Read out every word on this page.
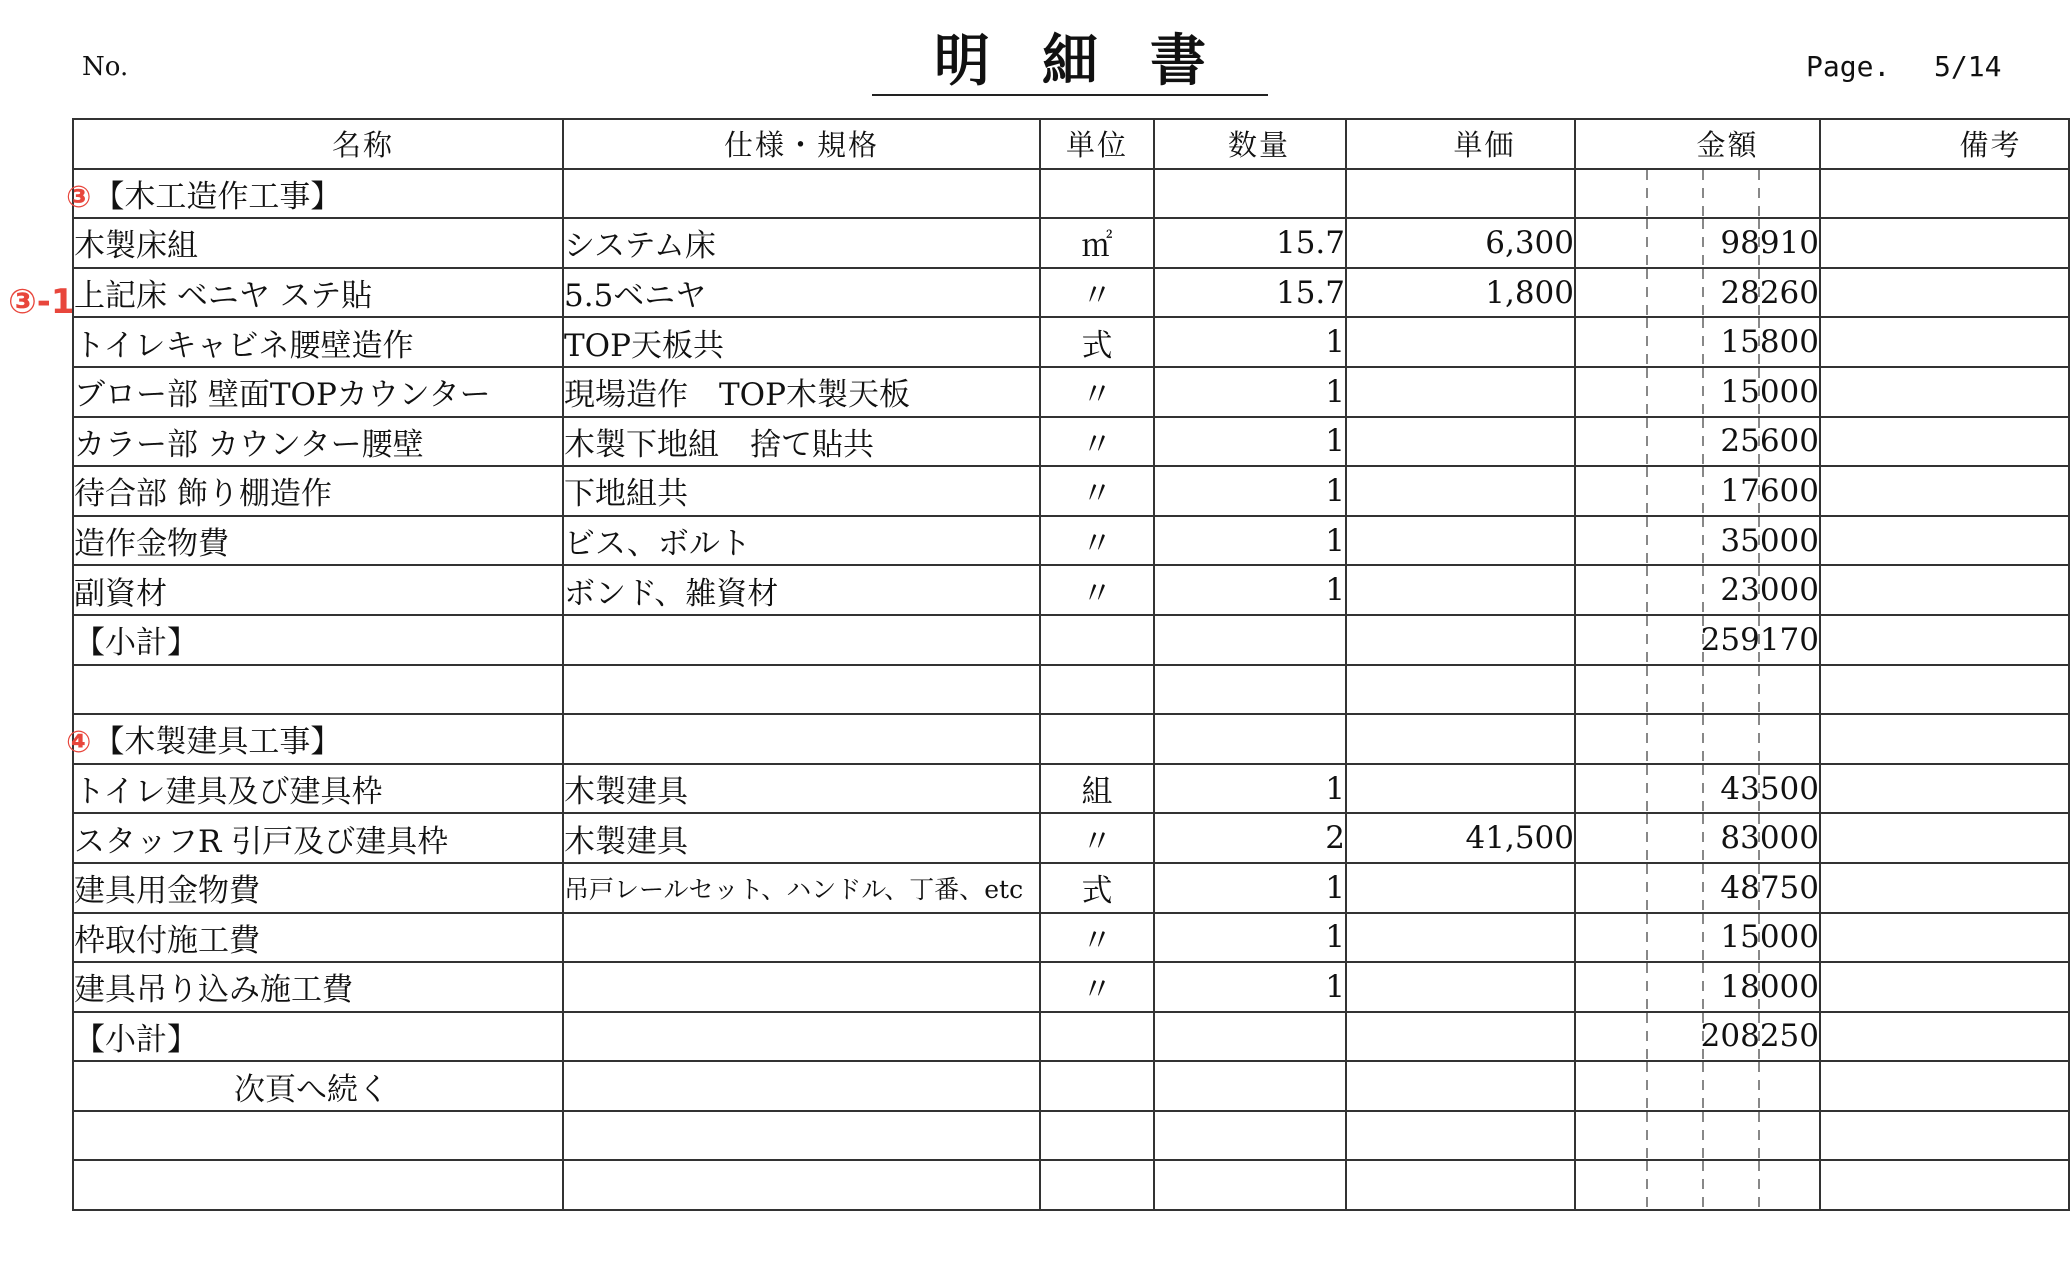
No.	明細書	Page. 5/14
③-1
名称	仕様・規格	単位	数量	単価	金額	備考
③【木工造作工事】						
木製床組	システム床	㎡	15.7	6,300	98910	
上記床 ベニヤ ステ貼	5.5ベニヤ	〃	15.7	1,800	28260	
トイレキャビネ腰壁造作	TOP天板共	式	1		15800	
ブロー部 壁面TOPカウンター	現場造作　TOP木製天板	〃	1		15000	
カラー部 カウンター腰壁	木製下地組　捨て貼共	〃	1		25600	
待合部 飾り棚造作	下地組共	〃	1		17600	
造作金物費	ビス、ボルト	〃	1		35000	
副資材	ボンド、雑資材	〃	1		23000	
【小計】					259170	

④【木製建具工事】						
トイレ建具及び建具枠	木製建具	組	1		43500	
スタッフR 引戸及び建具枠	木製建具	〃	2	41,500	83000	
建具用金物費	吊戸レールセット、ハンドル、丁番、etc	式	1		48750	
枠取付施工費		〃	1		15000	
建具吊り込み施工費		〃	1		18000	
【小計】					208250	
次頁へ続く						
